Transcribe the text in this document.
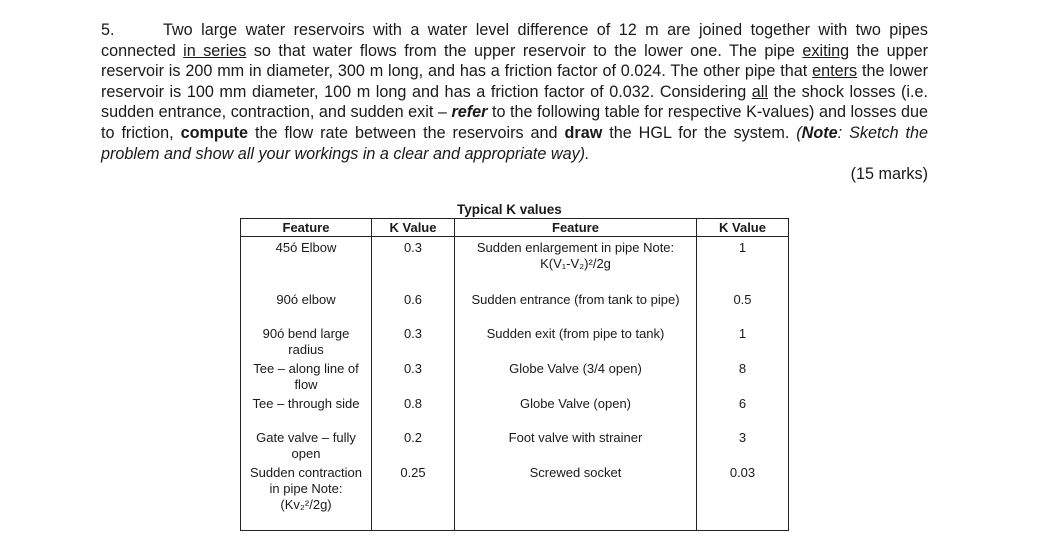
5.	Two large water reservoirs with a water level difference of 12 m are joined together with two pipes connected in series so that water flows from the upper reservoir to the lower one. The pipe exiting the upper reservoir is 200 mm in diameter, 300 m long, and has a friction factor of 0.024. The other pipe that enters the lower reservoir is 100 mm diameter, 100 m long and has a friction factor of 0.032. Considering all the shock losses (i.e. sudden entrance, contraction, and sudden exit – refer to the following table for respective K-values) and losses due to friction, compute the flow rate between the reservoirs and draw the HGL for the system. (Note: Sketch the problem and show all your workings in a clear and appropriate way).
(15 marks)
Typical K values
Feature	K Value	Feature	K Value

45ó Elbow	0.3	Sudden enlargement in pipe Note: K(V₁-V₂)²/2g	1
90ó elbow	0.6	Sudden entrance (from tank to pipe)	0.5
90ó bend large radius	0.3	Sudden exit (from pipe to tank)	1
Tee – along line of flow	0.3	Globe Valve (3/4 open)	8
Tee – through side	0.8	Globe Valve (open)	6
Gate valve – fully open	0.2	Foot valve with strainer	3
Sudden contraction in pipe Note: (Kv₂²/2g)	0.25	Screwed socket	0.03
